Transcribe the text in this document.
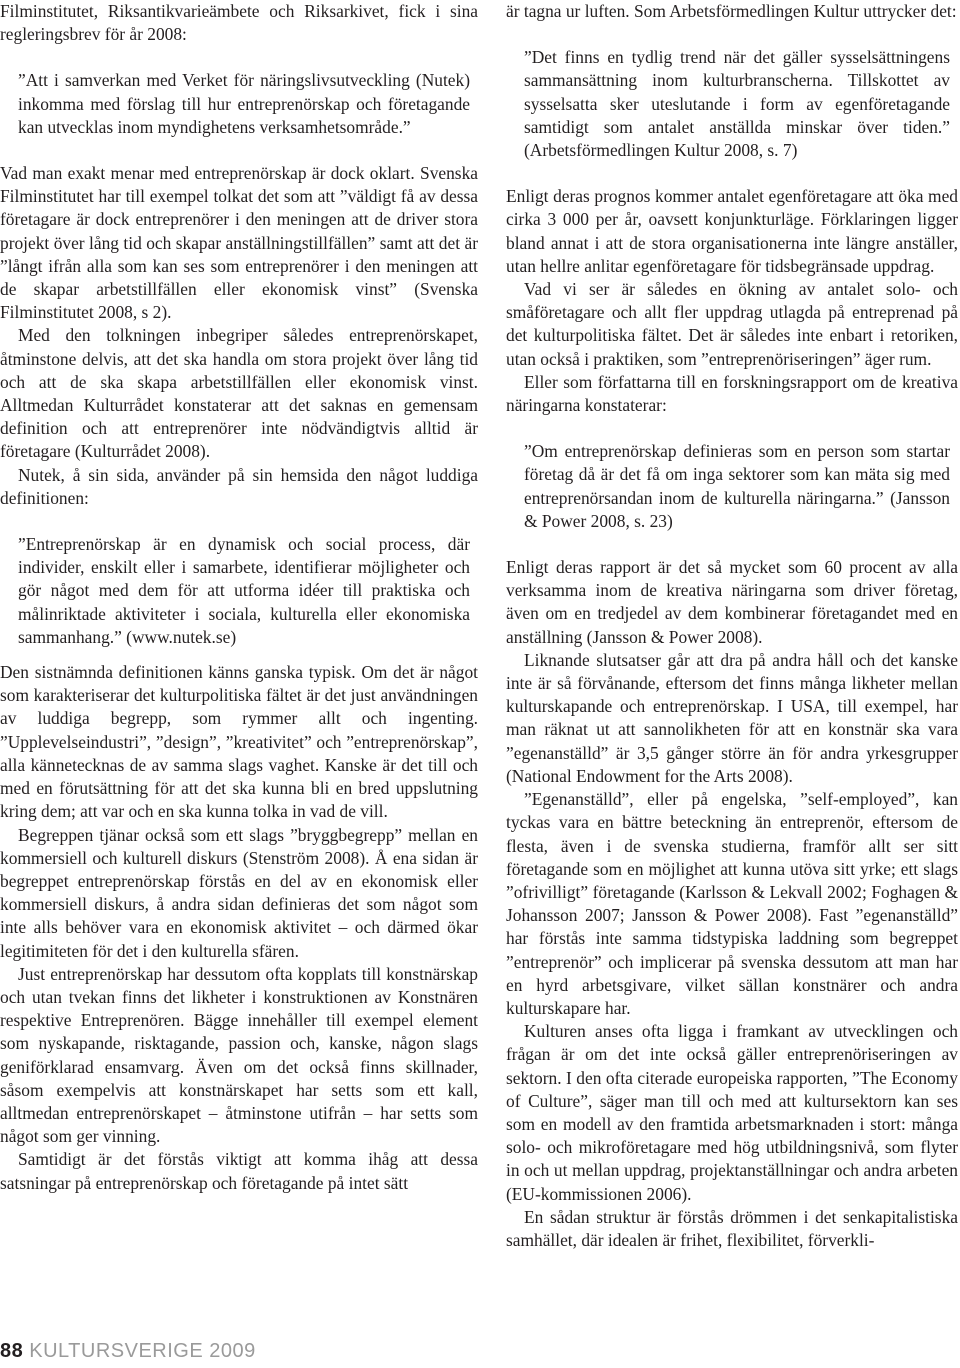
Filminstitutet, Riksantikvarieämbete och Riksarkivet, fick i sina regleringsbrev för år 2008:

”Att i samverkan med Verket för näringslivsutveckling (Nutek) inkomma med förslag till hur entreprenörskap och företagande kan utvecklas inom myndighetens verksamhetsområde.”

Vad man exakt menar med entreprenörskap är dock oklart. Svenska Filminstitutet har till exempel tolkat det som att ”väldigt få av dessa företagare är dock entreprenörer i den meningen att de driver stora projekt över lång tid och skapar anställningstillfällen” samt att det är ”långt ifrån alla som kan ses som entreprenörer i den meningen att de skapar arbetstillfällen eller ekonomisk vinst” (Svenska Filminstitutet 2008, s 2).

Med den tolkningen inbegriper således entreprenörskapet, åtminstone delvis, att det ska handla om stora projekt över lång tid och att de ska skapa arbetstillfällen eller ekonomisk vinst. Alltmedan Kulturrådet konstaterar att det saknas en gemensam definition och att entreprenörer inte nödvändigtvis alltid är företagare (Kulturrådet 2008).

Nutek, å sin sida, använder på sin hemsida den något luddiga definitionen:

”Entreprenörskap är en dynamisk och social process, där individer, enskilt eller i samarbete, identifierar möjligheter och gör något med dem för att utforma idéer till praktiska och målinriktade aktiviteter i sociala, kulturella eller ekonomiska sammanhang.” (www.nutek.se)

Den sistnämnda definitionen känns ganska typisk. Om det är något som karakteriserar det kulturpolitiska fältet är det just användningen av luddiga begrepp, som rymmer allt och ingenting. ”Upplevelseindustri”, ”design”, ”kreativitet” och ”entreprenörskap”, alla kännetecknas de av samma slags vaghet. Kanske är det till och med en förutsättning för att det ska kunna bli en bred uppslutning kring dem; att var och en ska kunna tolka in vad de vill.

Begreppen tjänar också som ett slags ”bryggbegrepp” mellan en kommersiell och kulturell diskurs (Stenström 2008). Å ena sidan är begreppet entreprenörskap förstås en del av en ekonomisk eller kommersiell diskurs, å andra sidan definieras det som något som inte alls behöver vara en ekonomisk aktivitet – och därmed ökar legitimiteten för det i den kulturella sfären.

Just entreprenörskap har dessutom ofta kopplats till konstnärskap och utan tvekan finns det likheter i konstruktionen av Konstnären respektive Entreprenören. Bägge innehåller till exempel element som nyskapande, risktagande, passion och, kanske, någon slags geniförklarad ensamvarg. Även om det också finns skillnader, såsom exempelvis att konstnärskapet har setts som ett kall, alltmedan entreprenörskapet – åtminstone utifrån – har setts som något som ger vinning.

Samtidigt är det förstås viktigt att komma ihåg att dessa satsningar på entreprenörskap och företagande på intet sätt

är tagna ur luften. Som Arbetsförmedlingen Kultur uttrycker det:

”Det finns en tydlig trend när det gäller sysselsättningens sammansättning inom kulturbranscherna. Tillskottet av sysselsatta sker uteslutande i form av egenföretagande samtidigt som antalet anställda minskar över tiden.” (Arbetsförmedlingen Kultur 2008, s. 7)

Enligt deras prognos kommer antalet egenföretagare att öka med cirka 3 000 per år, oavsett konjunkturläge. Förklaringen ligger bland annat i att de stora organisationerna inte längre anställer, utan hellre anlitar egenföretagare för tidsbegränsade uppdrag.

Vad vi ser är således en ökning av antalet solo- och småföretagare och allt fler uppdrag utlagda på entreprenad på det kulturpolitiska fältet. Det är således inte enbart i retoriken, utan också i praktiken, som ”entreprenöriseringen” äger rum.

Eller som författarna till en forskningsrapport om de kreativa näringarna konstaterar:

”Om entreprenörskap definieras som en person som startar företag då är det få om inga sektorer som kan mäta sig med entreprenörsandan inom de kulturella näringarna.” (Jansson & Power 2008, s. 23)

Enligt deras rapport är det så mycket som 60 procent av alla verksamma inom de kreativa näringarna som driver företag, även om en tredjedel av dem kombinerar företagandet med en anställning (Jansson & Power 2008).

Liknande slutsatser går att dra på andra håll och det kanske inte är så förvånande, eftersom det finns många likheter mellan kulturskapande och entreprenörskap. I USA, till exempel, har man räknat ut att sannolikheten för att en konstnär ska vara ”egenanställd” är 3,5 gånger större än för andra yrkesgrupper (National Endowment for the Arts 2008).

”Egenanställd”, eller på engelska, ”self-employed”, kan tyckas vara en bättre beteckning än entreprenör, eftersom de flesta, även i de svenska studierna, framför allt ser sitt företagande som en möjlighet att kunna utöva sitt yrke; ett slags ”ofrivilligt” företagande (Karlsson & Lekvall 2002; Foghagen & Johansson 2007; Jansson & Power 2008). Fast ”egenanställd” har förstås inte samma tidstypiska laddning som begreppet ”entreprenör” och implicerar på svenska dessutom att man har en hyrd arbetsgivare, vilket sällan konstnärer och andra kulturskapare har.

Kulturen anses ofta ligga i framkant av utvecklingen och frågan är om det inte också gäller entreprenöriseringen av sektorn. I den ofta citerade europeiska rapporten, ”The Economy of Culture”, säger man till och med att kultursektorn kan ses som en modell av den framtida arbetsmarknaden i stort: många solo- och mikroföretagare med hög utbildningsnivå, som flyter in och ut mellan uppdrag, projektanställningar och andra arbeten (EU-kommissionen 2006).

En sådan struktur är förstås drömmen i det senkapitalistiska samhället, där idealen är frihet, flexibilitet, förverkli-

88 KULTURSVERIGE 2009
